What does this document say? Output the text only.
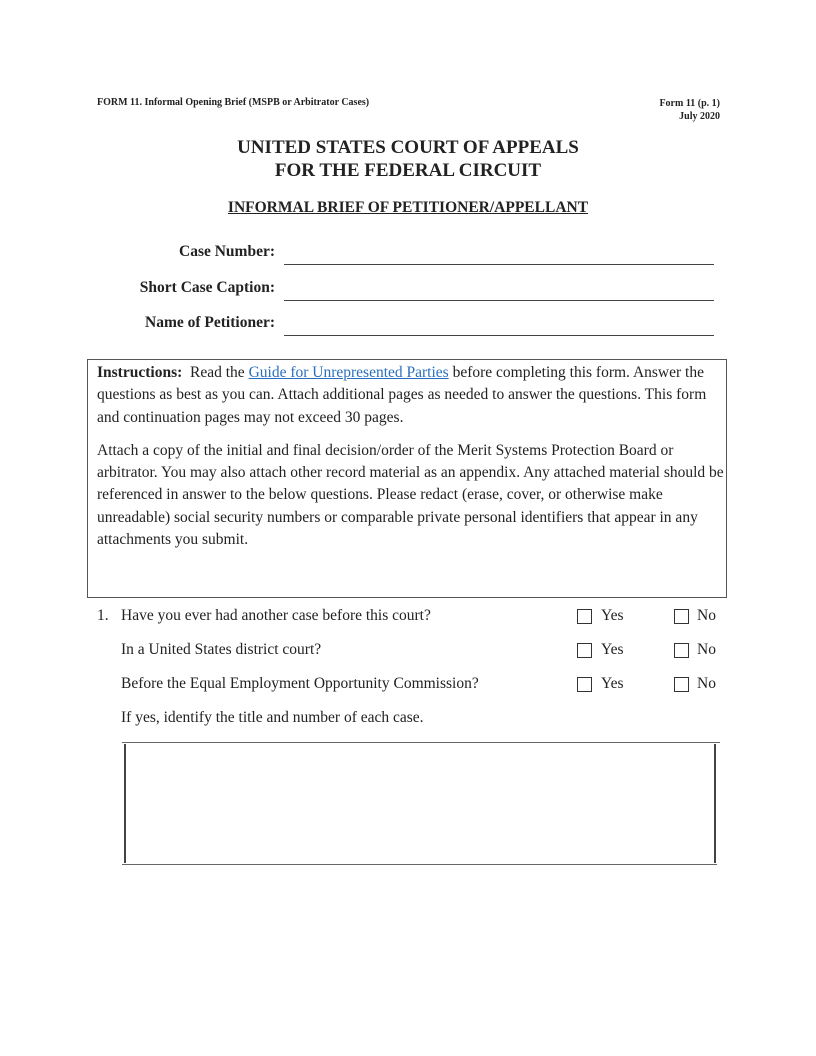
FORM 11. Informal Opening Brief (MSPB or Arbitrator Cases)	Form 11 (p. 1)
July 2020
UNITED STATES COURT OF APPEALS
FOR THE FEDERAL CIRCUIT
INFORMAL BRIEF OF PETITIONER/APPELLANT
Case Number:
Short Case Caption:
Name of Petitioner:

Instructions: Read the Guide for Unrepresented Parties before completing this form. Answer the questions as best as you can. Attach additional pages as needed to answer the questions. This form and continuation pages may not exceed 30 pages.

Attach a copy of the initial and final decision/order of the Merit Systems Protection Board or arbitrator. You may also attach other record material as an appendix. Any attached material should be referenced in answer to the below questions. Please redact (erase, cover, or otherwise make unreadable) social security numbers or comparable private personal identifiers that appear in any attachments you submit.

1. Have you ever had another case before this court?	Yes	No
In a United States district court?	Yes	No
Before the Equal Employment Opportunity Commission?	Yes	No
If yes, identify the title and number of each case.
